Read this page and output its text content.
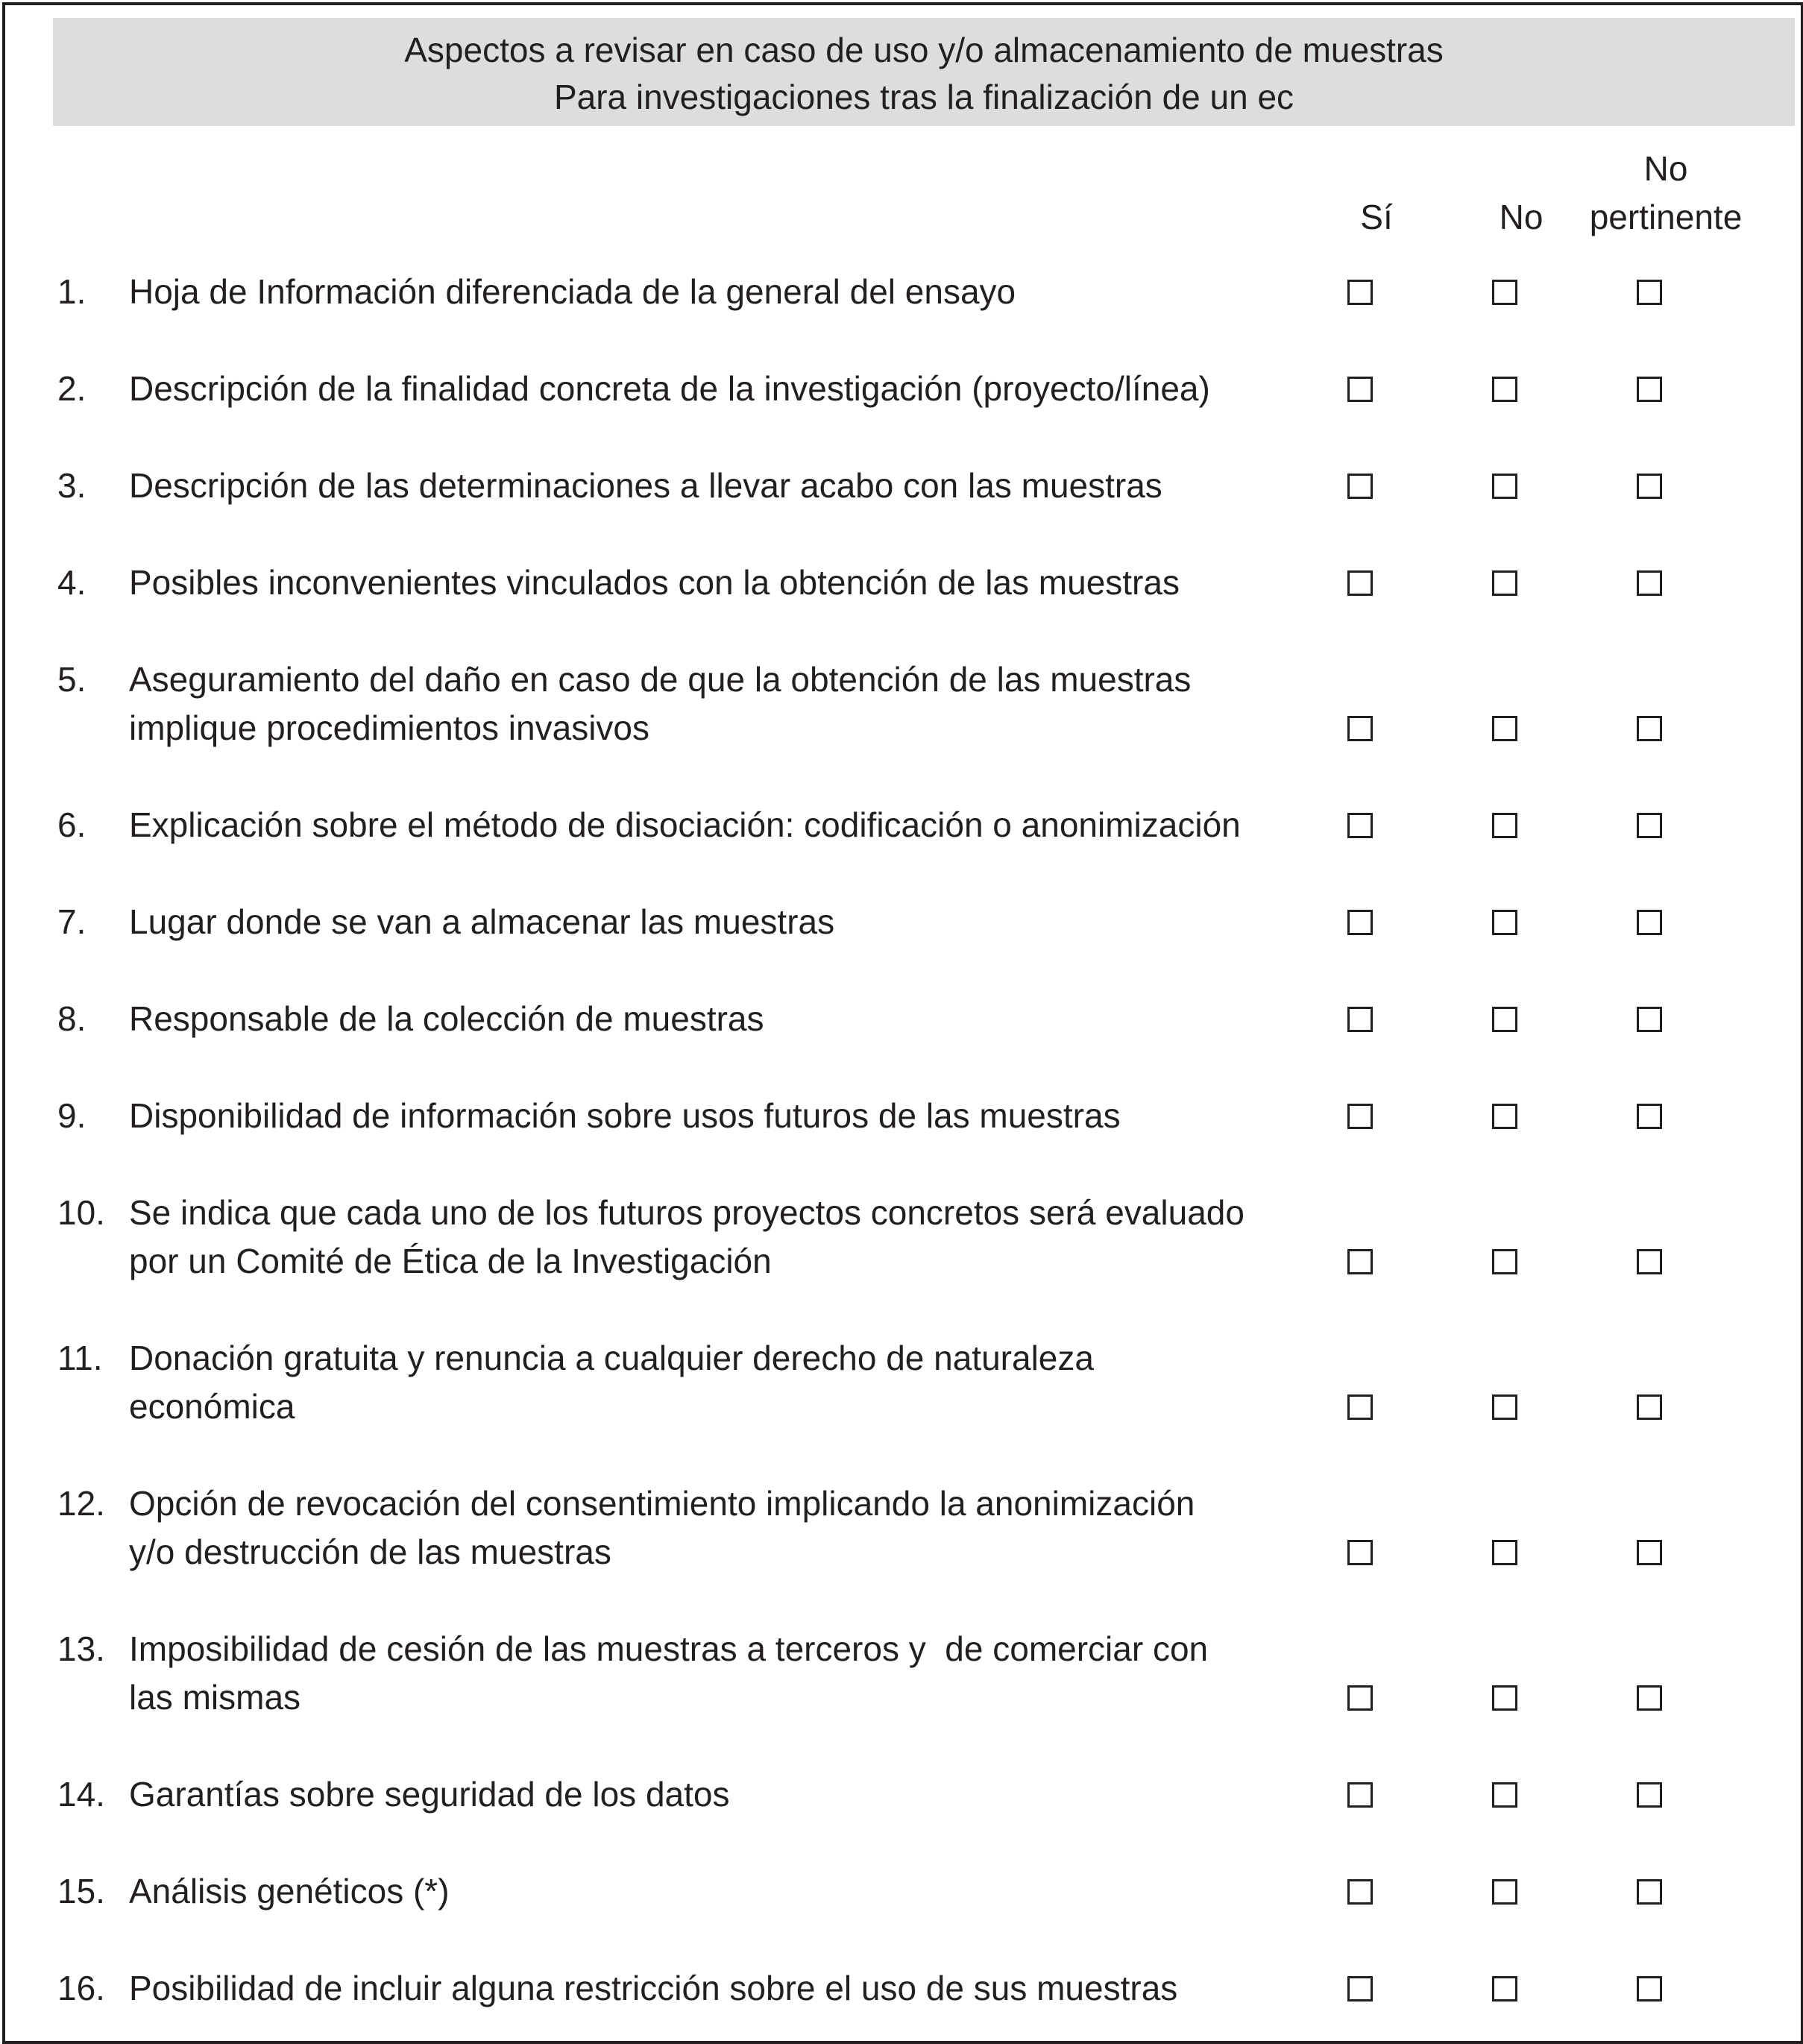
Aspectos a revisar en caso de uso y/o almacenamiento de muestras
Para investigaciones tras la finalización de un ec
Sí	No
No
pertinente
1. Hoja de Información diferenciada de la general del ensayo
2. Descripción de la finalidad concreta de la investigación (proyecto/línea)
3. Descripción de las determinaciones a llevar acabo con las muestras
4. Posibles inconvenientes vinculados con la obtención de las muestras
5. Aseguramiento del daño en caso de que la obtención de las muestras
implique procedimientos invasivos
6. Explicación sobre el método de disociación: codificación o anonimización
7. Lugar donde se van a almacenar las muestras
8. Responsable de la colección de muestras
9. Disponibilidad de información sobre usos futuros de las muestras
10. Se indica que cada uno de los futuros proyectos concretos será evaluado
por un Comité de Ética de la Investigación
11. Donación gratuita y renuncia a cualquier derecho de naturaleza
económica
12. Opción de revocación del consentimiento implicando la anonimización
y/o destrucción de las muestras
13. Imposibilidad de cesión de las muestras a terceros y  de comerciar con
las mismas
14. Garantías sobre seguridad de los datos
15. Análisis genéticos (*)
16. Posibilidad de incluir alguna restricción sobre el uso de sus muestras
